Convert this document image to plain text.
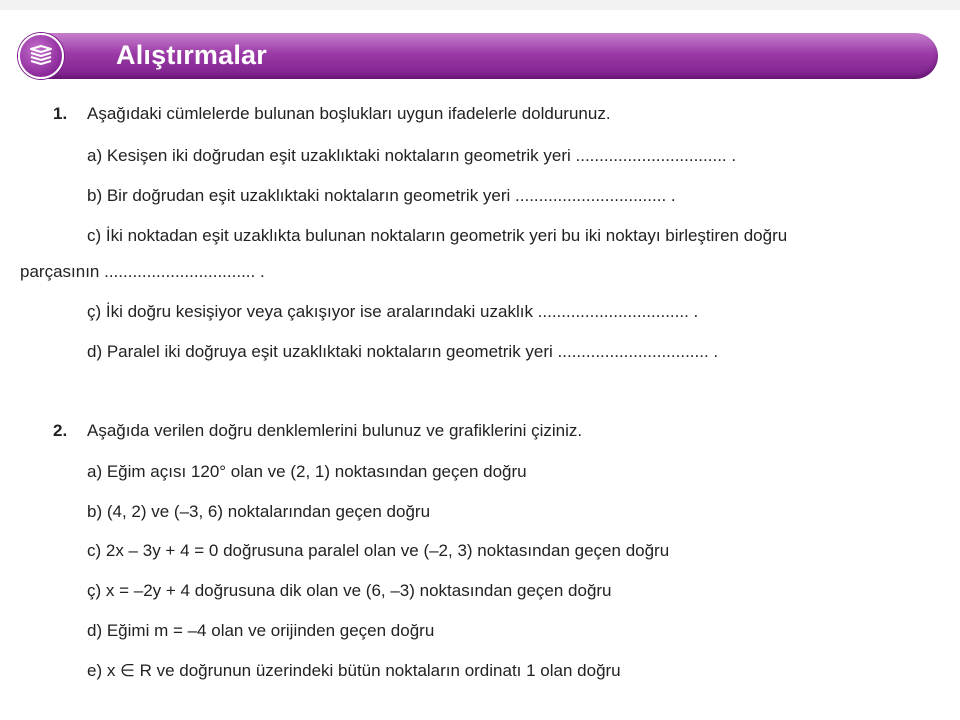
Alıştırmalar
1. Aşağıdaki cümlelerde bulunan boşlukları uygun ifadelerle doldurunuz.
a) Kesişen iki doğrudan eşit uzaklıktaki noktaların geometrik yeri ................................ .
b) Bir doğrudan eşit uzaklıktaki noktaların geometrik yeri ................................ .
c) İki noktadan eşit uzaklıkta bulunan noktaların geometrik yeri bu iki noktayı birleştiren doğru
parçasının ................................ .
ç) İki doğru kesişiyor veya çakışıyor ise aralarındaki uzaklık ................................ .
d) Paralel iki doğruya eşit uzaklıktaki noktaların geometrik yeri ................................ .
2. Aşağıda verilen doğru denklemlerini bulunuz ve grafiklerini çiziniz.
a) Eğim açısı 120° olan ve (2, 1) noktasından geçen doğru
b) (4, 2) ve (–3, 6) noktalarından geçen doğru
c) 2x – 3y + 4 = 0 doğrusuna paralel olan ve (–2, 3) noktasından geçen doğru
ç) x = –2y + 4 doğrusuna dik olan ve (6, –3) noktasından geçen doğru
d) Eğimi m = –4 olan ve orijinden geçen doğru
e) x ∈ R ve doğrunun üzerindeki bütün noktaların ordinatı 1 olan doğru
